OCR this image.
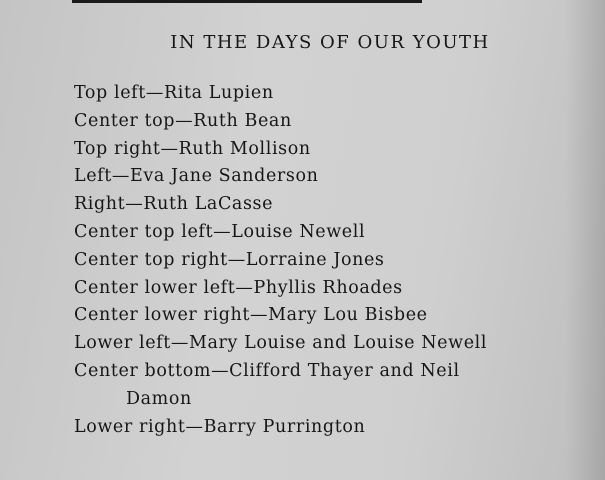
IN THE DAYS OF OUR YOUTH
Top left—Rita Lupien
Center top—Ruth Bean
Top right—Ruth Mollison
Left—Eva Jane Sanderson
Right—Ruth LaCasse
Center top left—Louise Newell
Center top right—Lorraine Jones
Center lower left—Phyllis Rhoades
Center lower right—Mary Lou Bisbee
Lower left—Mary Louise and Louise Newell
Center bottom—Clifford Thayer and Neil
Damon
Lower right—Barry Purrington
